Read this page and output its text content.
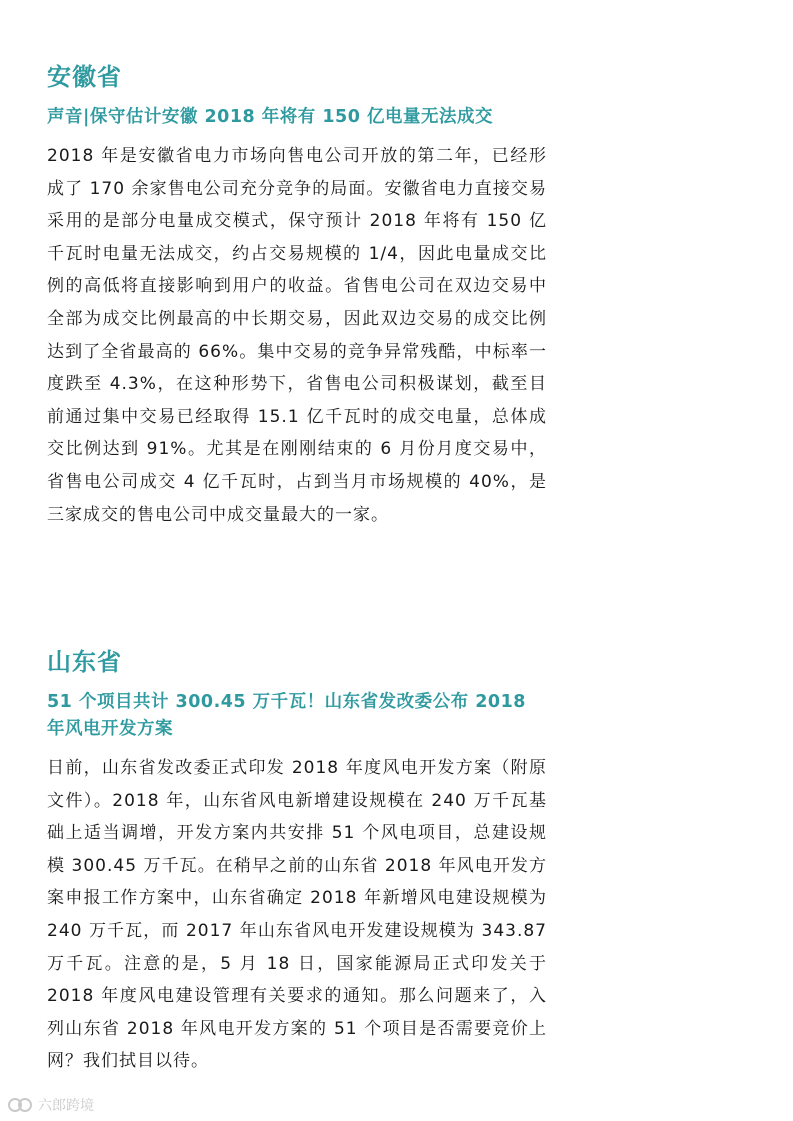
安徽省
声音|保守估计安徽 2018 年将有 150 亿电量无法成交

2018 年是安徽省电力市场向售电公司开放的第二年，已经形成了 170 余家售电公司充分竞争的局面。安徽省电力直接交易采用的是部分电量成交模式，保守预计 2018 年将有 150 亿千瓦时电量无法成交，约占交易规模的 1/4，因此电量成交比例的高低将直接影响到用户的收益。省售电公司在双边交易中全部为成交比例最高的中长期交易，因此双边交易的成交比例达到了全省最高的 66%。集中交易的竞争异常残酷，中标率一度跌至 4.3%，在这种形势下，省售电公司积极谋划，截至目前通过集中交易已经取得 15.1 亿千瓦时的成交电量，总体成交比例达到 91%。尤其是在刚刚结束的 6 月份月度交易中，省售电公司成交 4 亿千瓦时，占到当月市场规模的 40%，是三家成交的售电公司中成交量最大的一家。

山东省
51 个项目共计 300.45 万千瓦！山东省发改委公布 2018 年风电开发方案

日前，山东省发改委正式印发 2018 年度风电开发方案（附原文件）。2018 年，山东省风电新增建设规模在 240 万千瓦基础上适当调增，开发方案内共安排 51 个风电项目，总建设规模 300.45 万千瓦。在稍早之前的山东省 2018 年风电开发方案申报工作方案中，山东省确定 2018 年新增风电建设规模为 240 万千瓦，而 2017 年山东省风电开发建设规模为 343.87 万千瓦。注意的是，5 月 18 日，国家能源局正式印发关于 2018 年度风电建设管理有关要求的通知。那么问题来了，入列山东省 2018 年风电开发方案的 51 个项目是否需要竞价上网？我们拭目以待。

六郎跨境
